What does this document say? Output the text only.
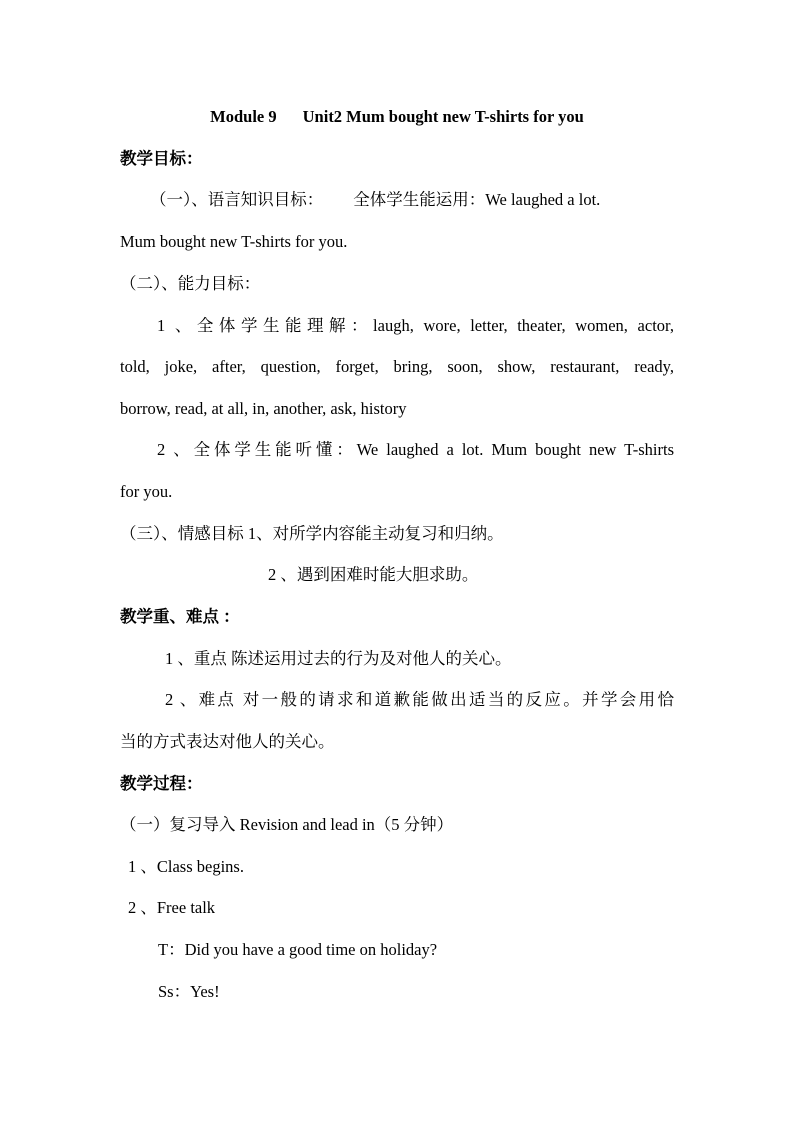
Module 9 Unit2 Mum bought new T-shirts for you
教学目标：
（一）、语言知识目标： 全体学生能运用：We laughed a lot.
Mum bought new T-shirts for you.
（二）、能力目标：
1 、全体学生能理解：laugh, wore, letter, theater, women, actor,
told, joke, after, question, forget, bring, soon, show, restaurant, ready,
borrow, read, at all, in, another, ask, history
2 、全体学生能听懂：We laughed a lot. Mum bought new T-shirts
for you.
（三）、情感目标 1、对所学内容能主动复习和归纳。
2 、遇到困难时能大胆求助。
教学重、难点 ：
1 、重点 陈述运用过去的行为及对他人的关心。
2 、难点 对一般的请求和道歉能做出适当的反应。并学会用恰
当的方式表达对他人的关心。
教学过程：
（一）复习导入 Revision and lead in（5 分钟）
1 、Class begins.
2 、Free talk
T：Did you have a good time on holiday?
Ss：Yes!
